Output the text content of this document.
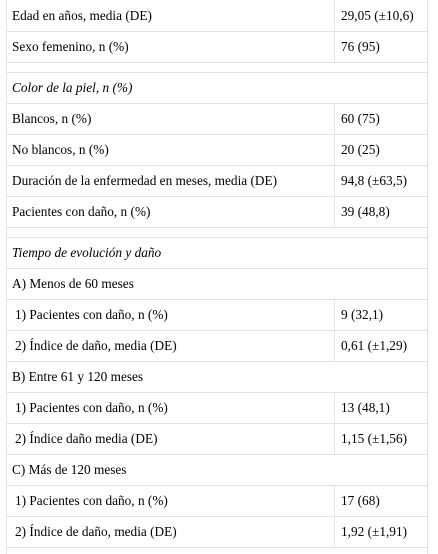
Edad en años, media (DE)	29,05 (±10,6)
Sexo femenino, n (%)	76 (95)
Color de la piel, n (%)
Blancos, n (%)	60 (75)
No blancos, n (%)	20 (25)
Duración de la enfermedad en meses, media (DE)	94,8 (±63,5)
Pacientes con daño, n (%)	39 (48,8)
Tiempo de evolución y daño
A) Menos de 60 meses
1) Pacientes con daño, n (%)	9 (32,1)
2) Índice de daño, media (DE)	0,61 (±1,29)
B) Entre 61 y 120 meses
1) Pacientes con daño, n (%)	13 (48,1)
2) Índice daño media (DE)	1,15 (±1,56)
C) Más de 120 meses
1) Pacientes con daño, n (%)	17 (68)
2) Índice de daño, media (DE)	1,92 (±1,91)
